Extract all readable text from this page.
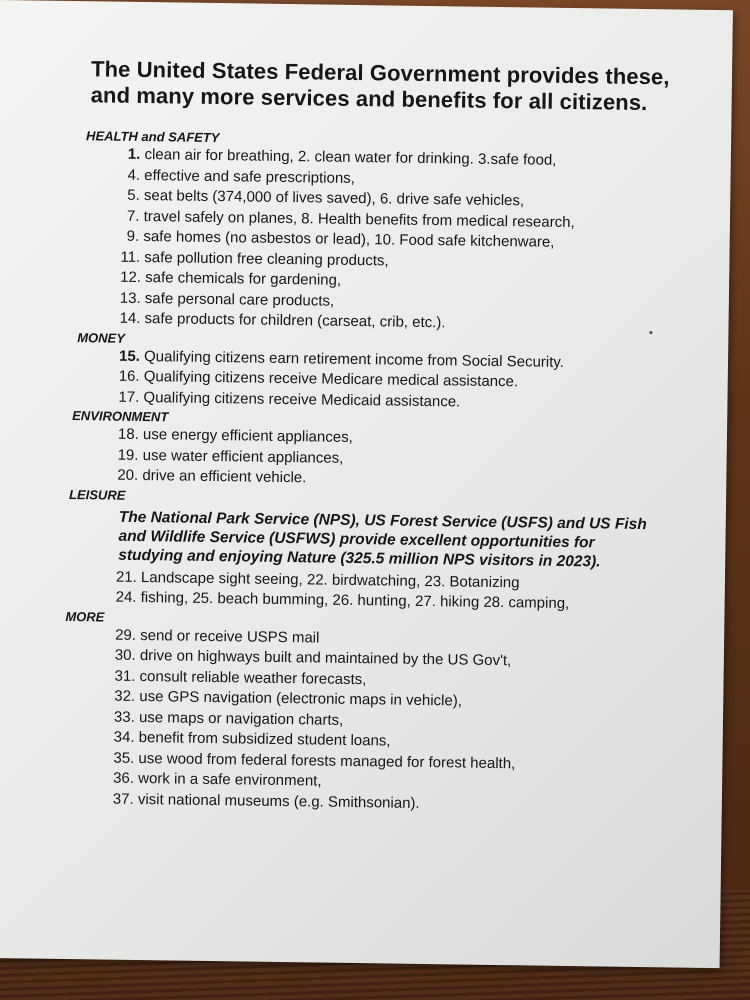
The United States Federal Government provides these, and many more services and benefits for all citizens.
HEALTH and SAFETY
1. clean air for breathing, 2. clean water for drinking. 3.safe food,
4. effective and safe prescriptions,
5. seat belts (374,000 of lives saved), 6. drive safe vehicles,
7. travel safely on planes, 8. Health benefits from medical research,
9. safe homes (no asbestos or lead), 10. Food safe kitchenware,
11. safe pollution free cleaning products,
12. safe chemicals for gardening,
13. safe personal care products,
14. safe products for children (carseat, crib, etc.).
MONEY
15. Qualifying citizens earn retirement income from Social Security.
16. Qualifying citizens receive Medicare medical assistance.
17. Qualifying citizens receive Medicaid assistance.
ENVIRONMENT
18. use energy efficient appliances,
19. use water efficient appliances,
20. drive an efficient vehicle.
LEISURE
The National Park Service (NPS), US Forest Service (USFS) and US Fish and Wildlife Service (USFWS) provide excellent opportunities for studying and enjoying Nature (325.5 million NPS visitors in 2023).
21. Landscape sight seeing, 22. birdwatching, 23. Botanizing
24. fishing, 25. beach bumming, 26. hunting, 27. hiking 28. camping,
MORE
29. send or receive USPS mail
30. drive on highways built and maintained by the US Gov't,
31. consult reliable weather forecasts,
32. use GPS navigation (electronic maps in vehicle),
33. use maps or navigation charts,
34. benefit from subsidized student loans,
35. use wood from federal forests managed for forest health,
36. work in a safe environment,
37. visit national museums (e.g. Smithsonian).
